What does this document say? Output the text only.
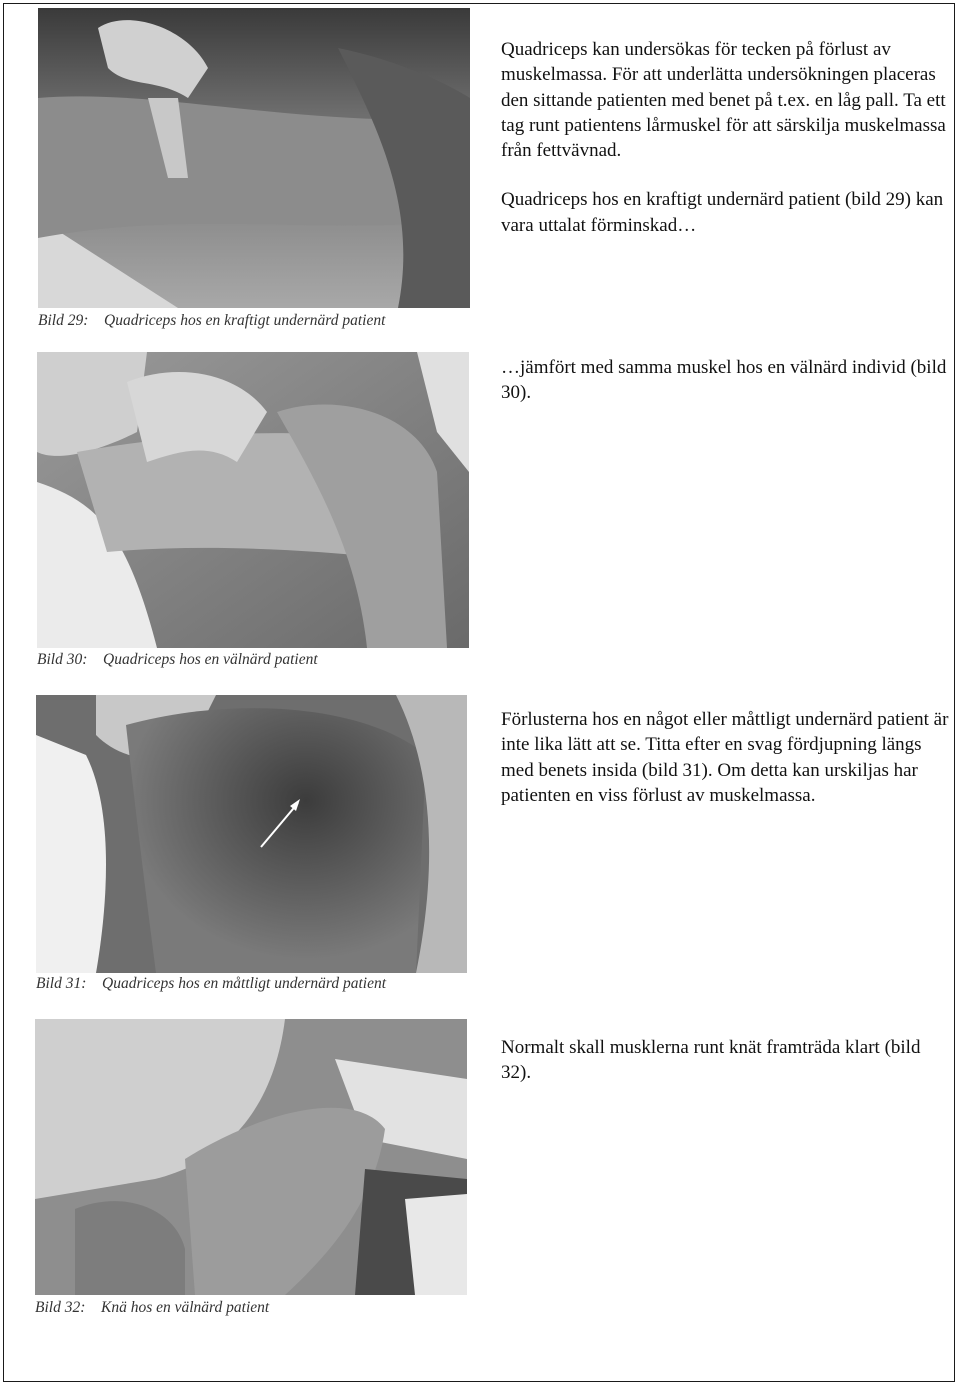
Bild 29: Quadriceps hos en kraftigt undernärd patient

Quadriceps kan undersökas för tecken på förlust av muskelmassa. För att underlätta undersökningen placeras den sittande patienten med benet på t.ex. en låg pall. Ta ett tag runt patientens lårmuskel för att särskilja muskelmassa från fettvävnad.

Quadriceps hos en kraftigt undernärd patient (bild 29) kan vara uttalat förminskad…

Bild 30: Quadriceps hos en välnärd patient

…jämfört med samma muskel hos en välnärd individ (bild 30).

Bild 31: Quadriceps hos en måttligt undernärd patient

Förlusterna hos en något eller måttligt undernärd patient är inte lika lätt att se. Titta efter en svag fördjupning längs med benets insida (bild 31). Om detta kan urskiljas har patienten en viss förlust av muskelmassa.

Bild 32: Knä hos en välnärd patient

Normalt skall musklerna runt knät framträda klart (bild 32).
